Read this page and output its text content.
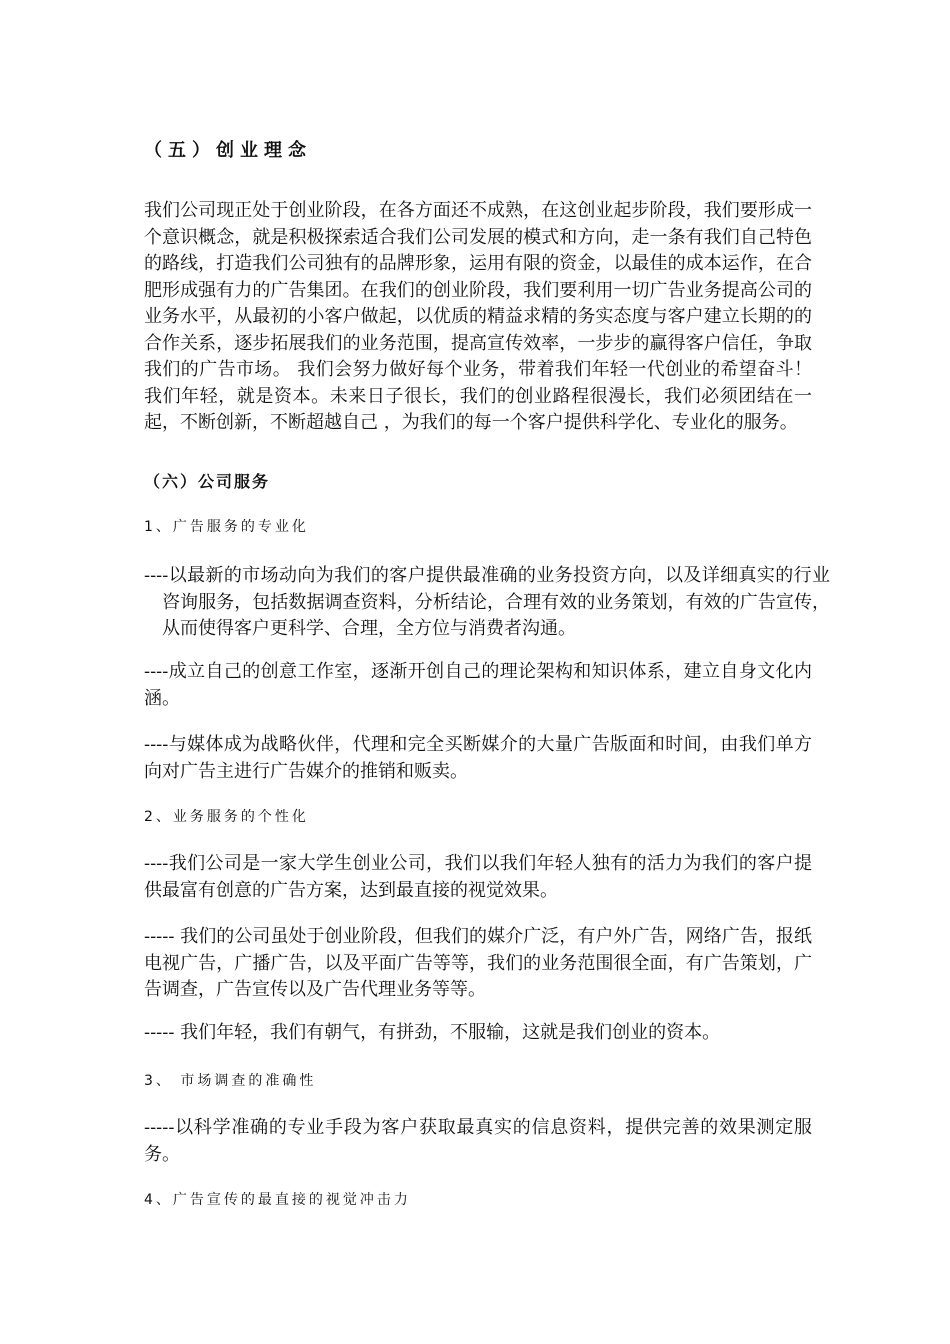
（五）创业理念

我们公司现正处于创业阶段，在各方面还不成熟，在这创业起步阶段，我们要形成一个意识概念，就是积极探索适合我们公司发展的模式和方向，走一条有我们自己特色的路线，打造我们公司独有的品牌形象，运用有限的资金，以最佳的成本运作，在合肥形成强有力的广告集团。在我们的创业阶段，我们要利用一切广告业务提高公司的业务水平，从最初的小客户做起，以优质的精益求精的务实态度与客户建立长期的的合作关系，逐步拓展我们的业务范围，提高宣传效率，一步步的赢得客户信任，争取我们的广告市场。 我们会努力做好每个业务，带着我们年轻一代创业的希望奋斗！我们年轻，就是资本。未来日子很长，我们的创业路程很漫长，我们必须团结在一起，不断创新，不断超越自己 ，为我们的每一个客户提供科学化、专业化的服务。

（六）公司服务
1、广告服务的专业化

----以最新的市场动向为我们的客户提供最准确的业务投资方向，以及详细真实的行业咨询服务，包括数据调查资料，分析结论，合理有效的业务策划，有效的广告宣传，从而使得客户更科学、合理，全方位与消费者沟通。

----成立自己的创意工作室，逐渐开创自己的理论架构和知识体系，建立自身文化内涵。

----与媒体成为战略伙伴，代理和完全买断媒介的大量广告版面和时间，由我们单方向对广告主进行广告媒介的推销和贩卖。

2、业务服务的个性化

----我们公司是一家大学生创业公司，我们以我们年轻人独有的活力为我们的客户提供最富有创意的广告方案，达到最直接的视觉效果。

----- 我们的公司虽处于创业阶段，但我们的媒介广泛，有户外广告，网络广告，报纸电视广告，广播广告，以及平面广告等等，我们的业务范围很全面，有广告策划，广告调查，广告宣传以及广告代理业务等等。

----- 我们年轻，我们有朝气，有拼劲，不服输，这就是我们创业的资本。

3、 市场调查的准确性

-----以科学准确的专业手段为客户获取最真实的信息资料，提供完善的效果测定服务。

4、广告宣传的最直接的视觉冲击力
